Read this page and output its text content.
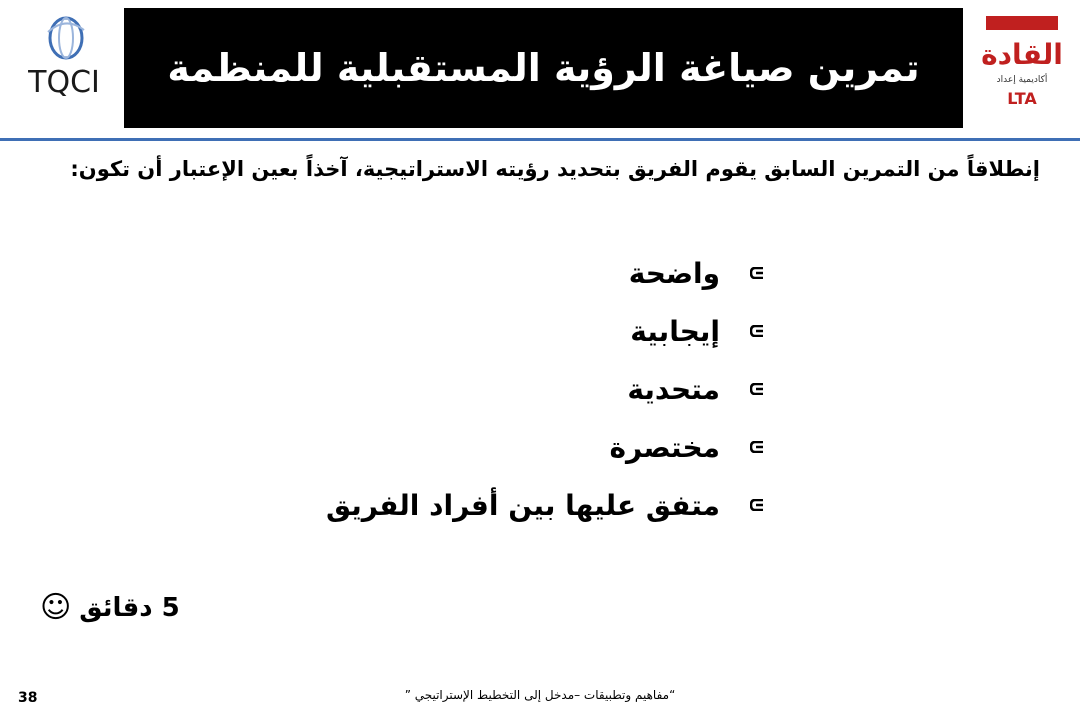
TQCI تمرين صياغة الرؤية المستقبلية للمنظمة القادة
أكاديمية إعداد
LTA
إنطلاقاً من التمرين السابق يقوم الفريق بتحديد رؤيته الاستراتيجية، آخذاً بعين الإعتبار أن تكون:
واضحة
إيجابية
متحدية
مختصرة
متفق عليها بين أفراد الفريق
5 دقائق
☺
“مفاهيم وتطبيقات –مدخل إلى التخطيط الإستراتيجي ”
38
